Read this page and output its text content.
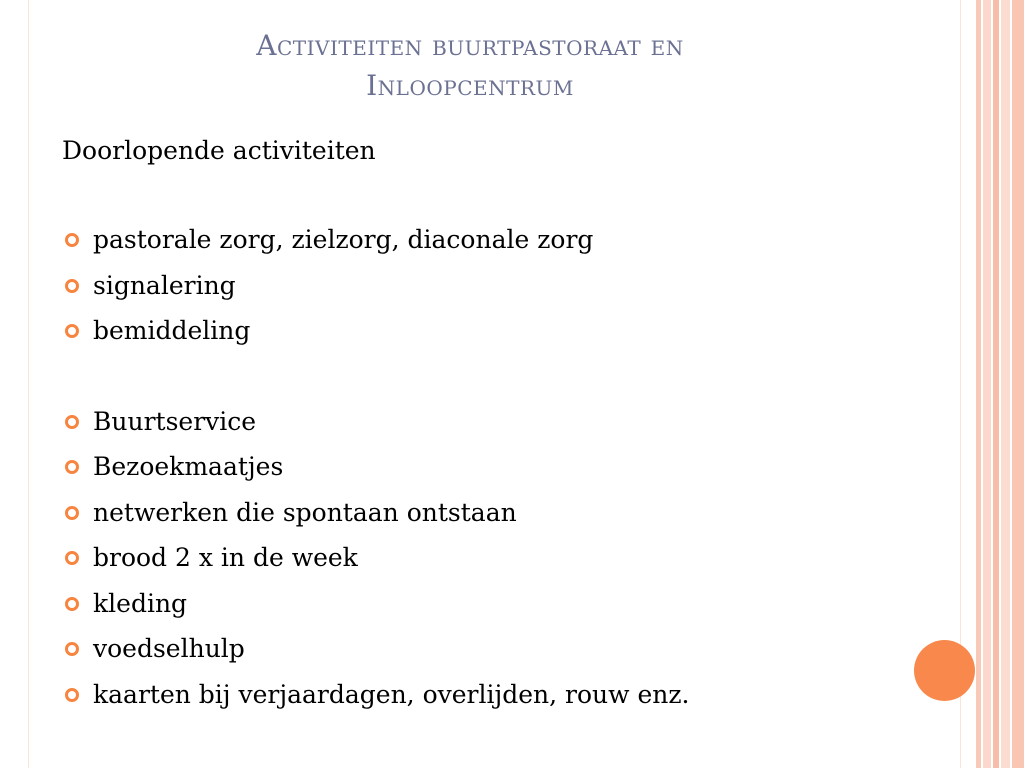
Activiteiten buurtpastoraat en
Inloopcentrum

Doorlopende activiteiten

pastorale zorg, zielzorg, diaconale zorg
signalering
bemiddeling
Buurtservice
Bezoekmaatjes
netwerken die spontaan ontstaan
brood 2 x in de week
kleding
voedselhulp
kaarten bij verjaardagen, overlijden, rouw enz.
